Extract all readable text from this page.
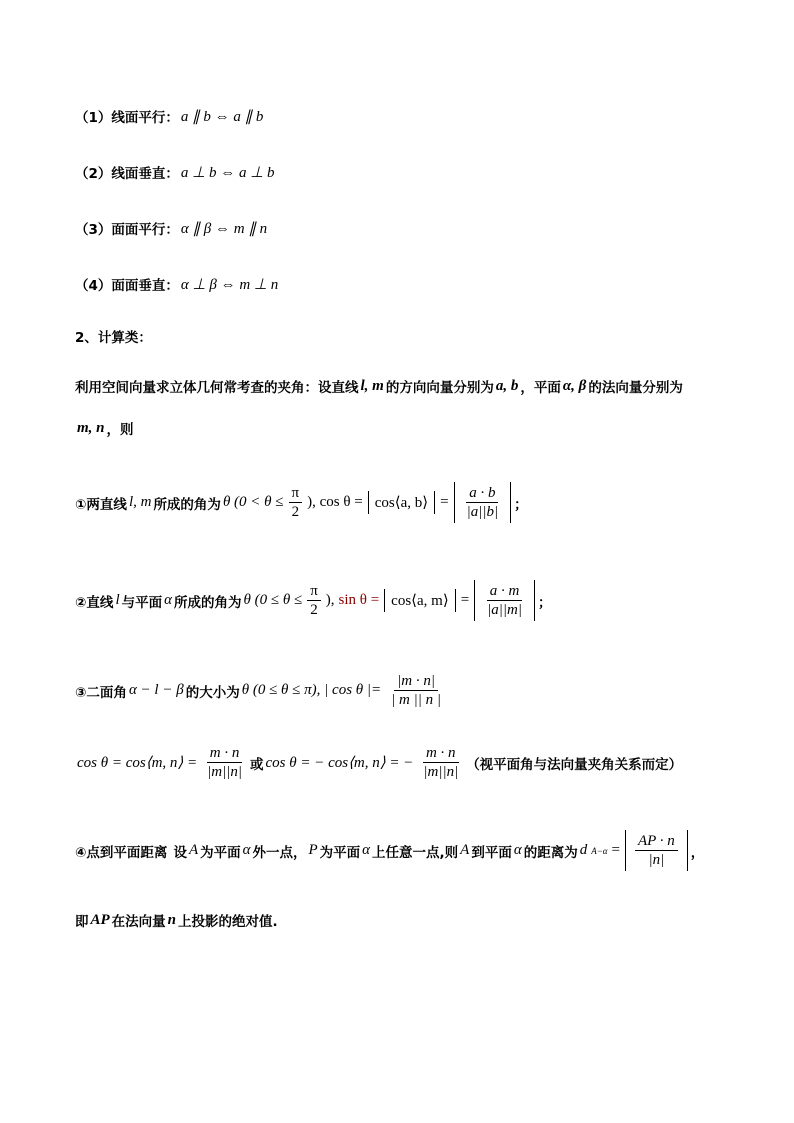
（1）线面平行： a ∥ b ⇔ a ∥ b
（2）线面垂直： a ⊥ b ⇔ a ⊥ b
（3）面面平行： α ∥ β ⇔ m ∥ n
（4）面面垂直： α ⊥ β ⇔ m ⊥ n
2、计算类：
利用空间向量求立体几何常考查的夹角：设直线 l, m 的方向向量分别为 a, b ，平面 α, β 的法向量分别为
m, n ，则
①两直线 l, m 所成的角为 θ ($0 < \theta \le \frac{\pi}{2}$ ), cos θ = cos⟨a, b⟩ = $\frac{a \cdot b}{|a||b|}$ ；
②直线 l 与平面 α 所成的角为 θ ($0 \le \theta \le \frac{\pi}{2}$ ), sin θ = cos⟨a, m⟩ = $\frac{a \cdot m}{|a||m|}$ ；
③二面角 α − l − β 的大小为 θ (0 ≤ θ ≤ π), | cos θ |= $\frac{|m \cdot n|}{| m || n |}$
cos θ = cos⟨m, n⟩ = $\frac{m \cdot n}{|m||n|}$ 或 cos θ = − cos⟨m, n⟩ = − $\frac{m \cdot n}{|m||n|}$ （视平面角与法向量夹角关系而定）
④点到平面距离 设 A 为平面 α 外一点， P 为平面 α 上任意一点,则 A 到平面 α 的距离为 d $A-\alpha = \frac{AP \cdot n}{|n|}$ ，
即 AP 在法向量 n 上投影的绝对值.
